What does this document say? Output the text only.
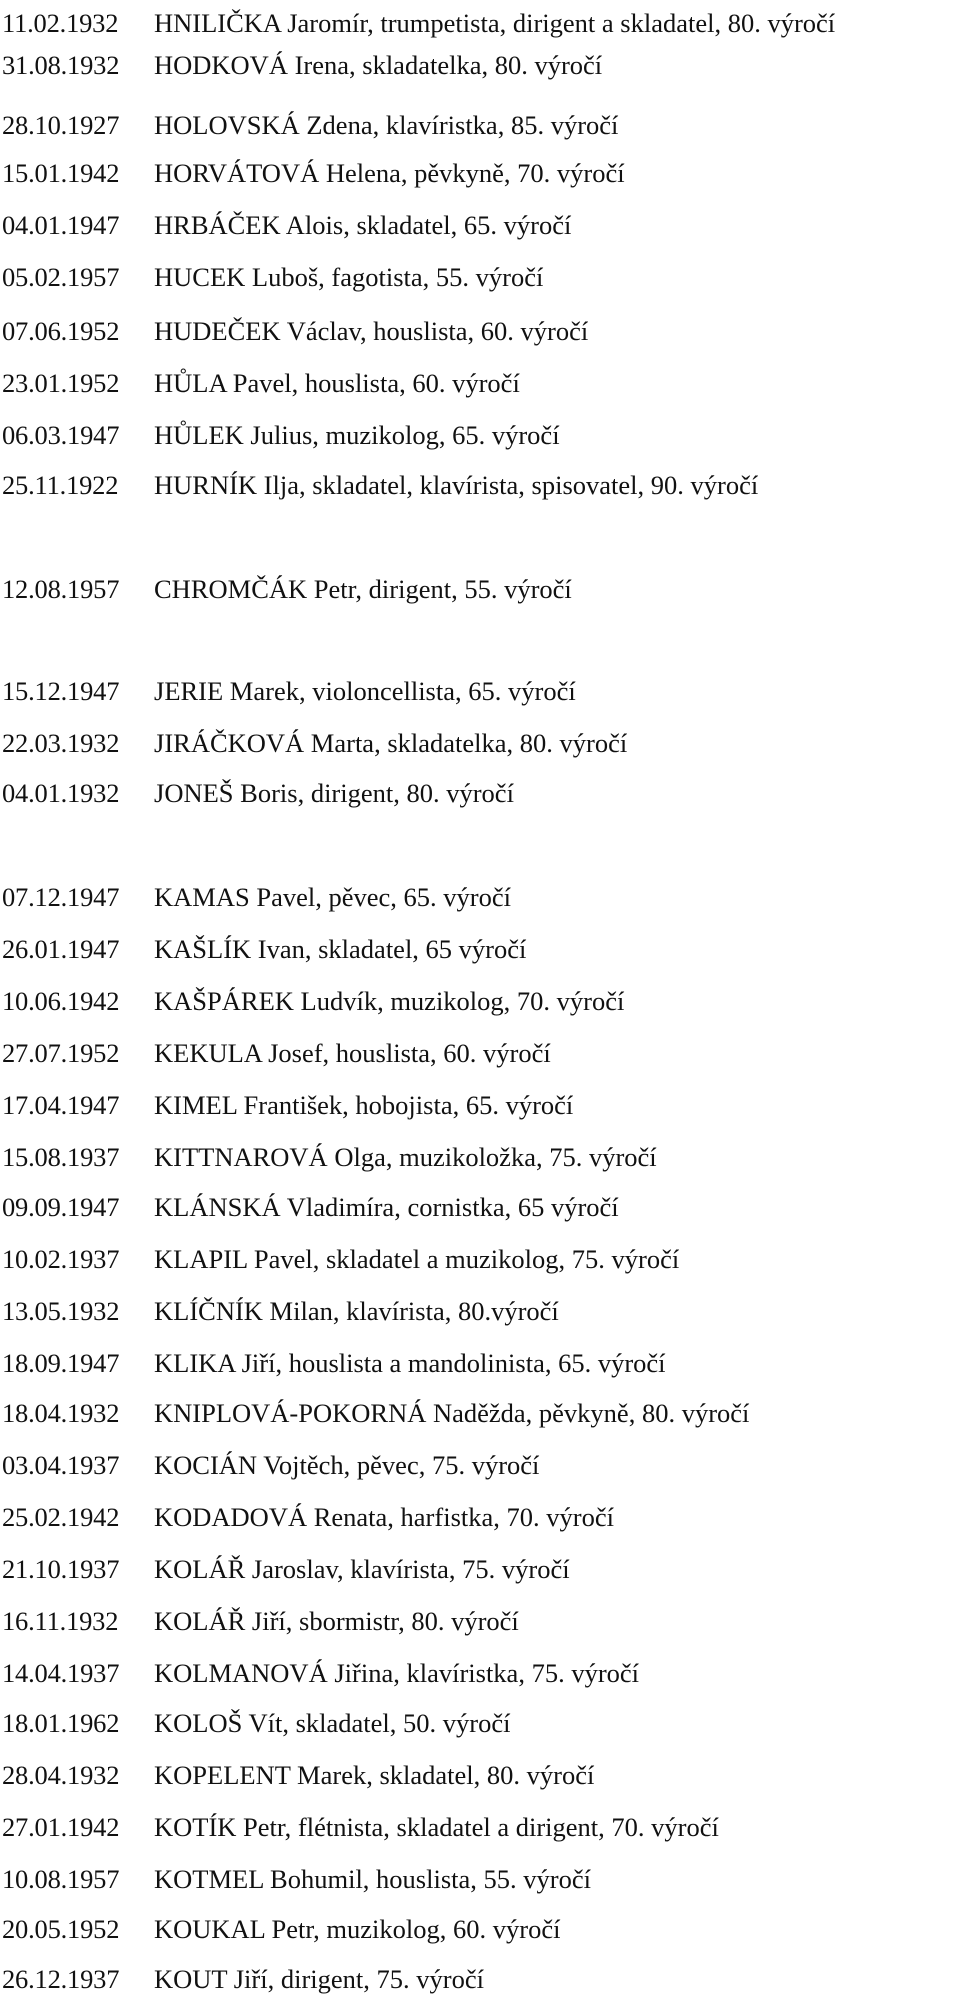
11.02.1932 HNILIČKA Jaromír, trumpetista, dirigent a skladatel, 80. výročí
31.08.1932 HODKOVÁ Irena, skladatelka, 80. výročí
28.10.1927 HOLOVSKÁ Zdena, klavíristka, 85. výročí
15.01.1942 HORVÁTOVÁ Helena, pěvkyně, 70. výročí
04.01.1947 HRBÁČEK Alois, skladatel, 65. výročí
05.02.1957 HUCEK Luboš, fagotista, 55. výročí
07.06.1952 HUDEČEK Václav, houslista, 60. výročí
23.01.1952 HŮLA Pavel, houslista, 60. výročí
06.03.1947 HŮLEK Julius, muzikolog, 65. výročí
25.11.1922 HURNÍK Ilja, skladatel, klavírista, spisovatel, 90. výročí
12.08.1957 CHROMČÁK Petr, dirigent, 55. výročí
15.12.1947 JERIE Marek, violoncellista, 65. výročí
22.03.1932 JIRÁČKOVÁ Marta, skladatelka, 80. výročí
04.01.1932 JONEŠ Boris, dirigent, 80. výročí
07.12.1947 KAMAS Pavel, pěvec, 65. výročí
26.01.1947 KAŠLÍK Ivan, skladatel, 65 výročí
10.06.1942 KAŠPÁREK Ludvík, muzikolog, 70. výročí
27.07.1952 KEKULA Josef, houslista, 60. výročí
17.04.1947 KIMEL František, hobojista, 65. výročí
15.08.1937 KITTNAROVÁ Olga, muzikoložka, 75. výročí
09.09.1947 KLÁNSKÁ Vladimíra, cornistka, 65 výročí
10.02.1937 KLAPIL Pavel, skladatel a muzikolog, 75. výročí
13.05.1932 KLÍČNÍK Milan, klavírista, 80.výročí
18.09.1947 KLIKA Jiří, houslista a mandolinista, 65. výročí
18.04.1932 KNIPLOVÁ-POKORNÁ Naděžda, pěvkyně, 80. výročí
03.04.1937 KOCIÁN Vojtěch, pěvec, 75. výročí
25.02.1942 KODADOVÁ Renata, harfistka, 70. výročí
21.10.1937 KOLÁŘ Jaroslav, klavírista, 75. výročí
16.11.1932 KOLÁŘ Jiří, sbormistr, 80. výročí
14.04.1937 KOLMANOVÁ Jiřina, klavíristka, 75. výročí
18.01.1962 KOLOŠ Vít, skladatel, 50. výročí
28.04.1932 KOPELENT Marek, skladatel, 80. výročí
27.01.1942 KOTÍK Petr, flétnista, skladatel a dirigent, 70. výročí
10.08.1957 KOTMEL Bohumil, houslista, 55. výročí
20.05.1952 KOUKAL Petr, muzikolog, 60. výročí
26.12.1937 KOUT Jiří, dirigent, 75. výročí
